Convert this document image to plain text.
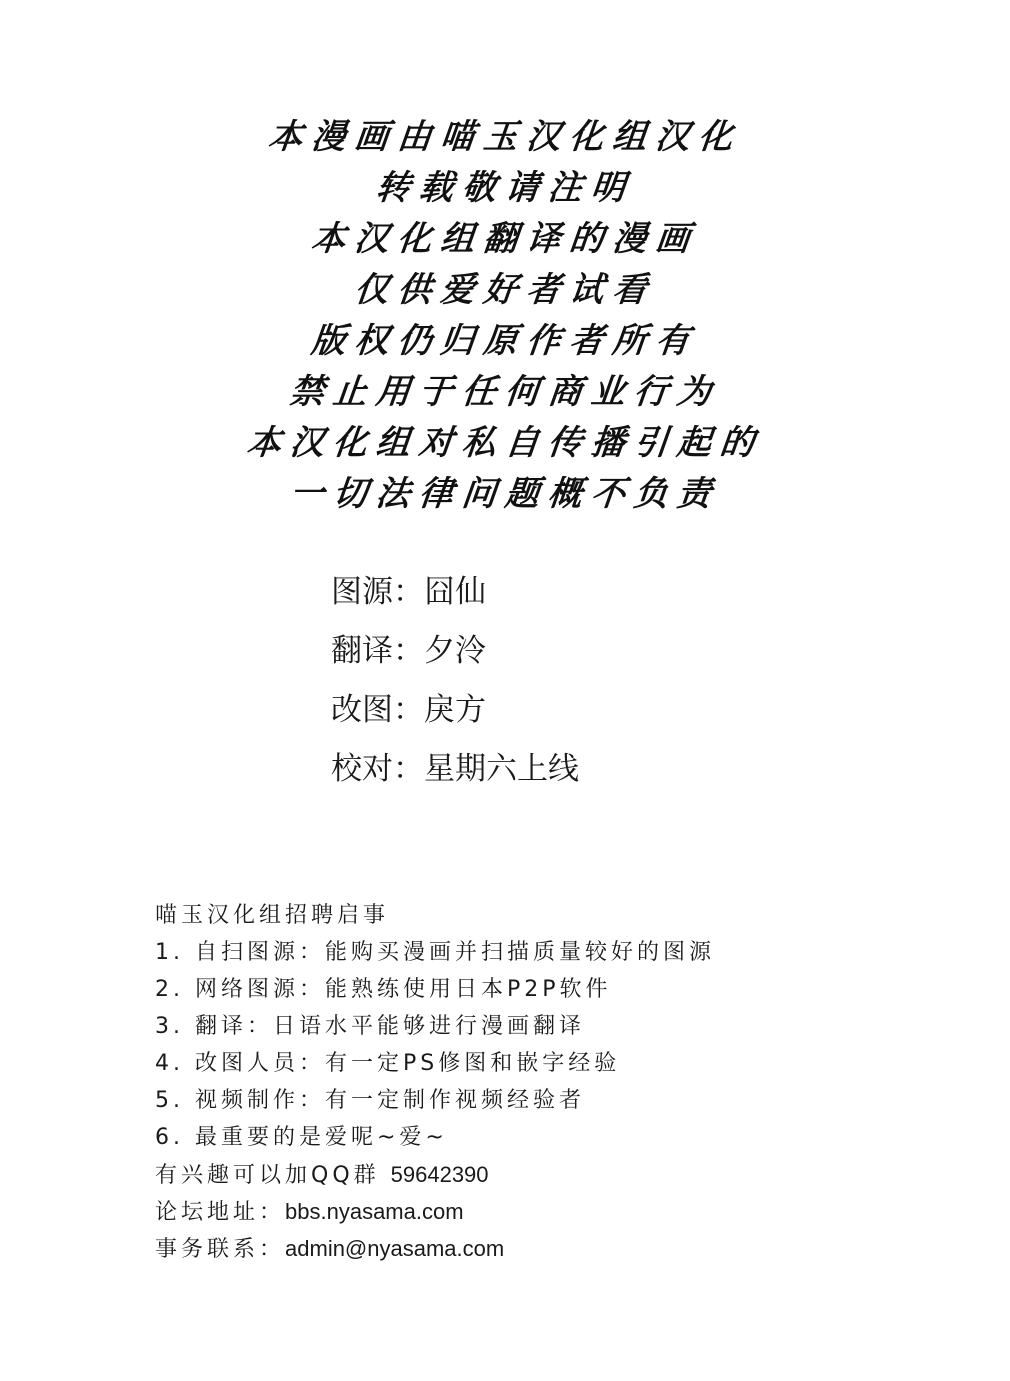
本漫画由喵玉汉化组汉化
转载敬请注明
本汉化组翻译的漫画
仅供爱好者试看
版权仍归原作者所有
禁止用于任何商业行为
本汉化组对私自传播引起的
一切法律问题概不负责
图源：囧仙
翻译：夕泠
改图：戾方
校对：星期六上线
喵玉汉化组招聘启事
1. 自扫图源：能购买漫画并扫描质量较好的图源
2. 网络图源：能熟练使用日本P2P软件
3. 翻译：日语水平能够进行漫画翻译
4. 改图人员：有一定PS修图和嵌字经验
5. 视频制作：有一定制作视频经验者
6. 最重要的是爱呢~爱~
有兴趣可以加QQ群 59642390
论坛地址：bbs.nyasama.com
事务联系：admin@nyasama.com
